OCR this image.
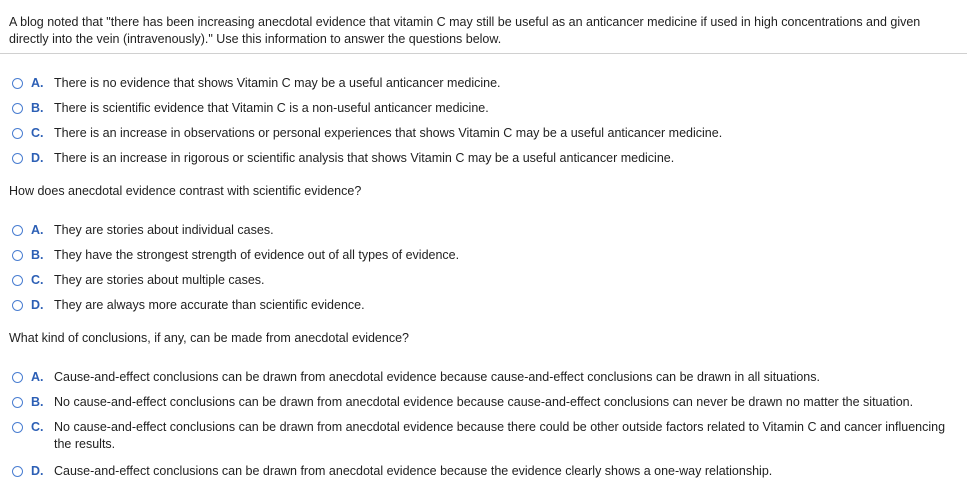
A blog noted that "there has been increasing anecdotal evidence that vitamin C may still be useful as an anticancer medicine if used in high concentrations and given directly into the vein (intravenously)." Use this information to answer the questions below.
A. There is no evidence that shows Vitamin C may be a useful anticancer medicine.
B. There is scientific evidence that Vitamin C is a non-useful anticancer medicine.
C. There is an increase in observations or personal experiences that shows Vitamin C may be a useful anticancer medicine.
D. There is an increase in rigorous or scientific analysis that shows Vitamin C may be a useful anticancer medicine.
How does anecdotal evidence contrast with scientific evidence?
A. They are stories about individual cases.
B. They have the strongest strength of evidence out of all types of evidence.
C. They are stories about multiple cases.
D. They are always more accurate than scientific evidence.
What kind of conclusions, if any, can be made from anecdotal evidence?
A. Cause-and-effect conclusions can be drawn from anecdotal evidence because cause-and-effect conclusions can be drawn in all situations.
B. No cause-and-effect conclusions can be drawn from anecdotal evidence because cause-and-effect conclusions can never be drawn no matter the situation.
C. No cause-and-effect conclusions can be drawn from anecdotal evidence because there could be other outside factors related to Vitamin C and cancer influencing the results.
D. Cause-and-effect conclusions can be drawn from anecdotal evidence because the evidence clearly shows a one-way relationship.
